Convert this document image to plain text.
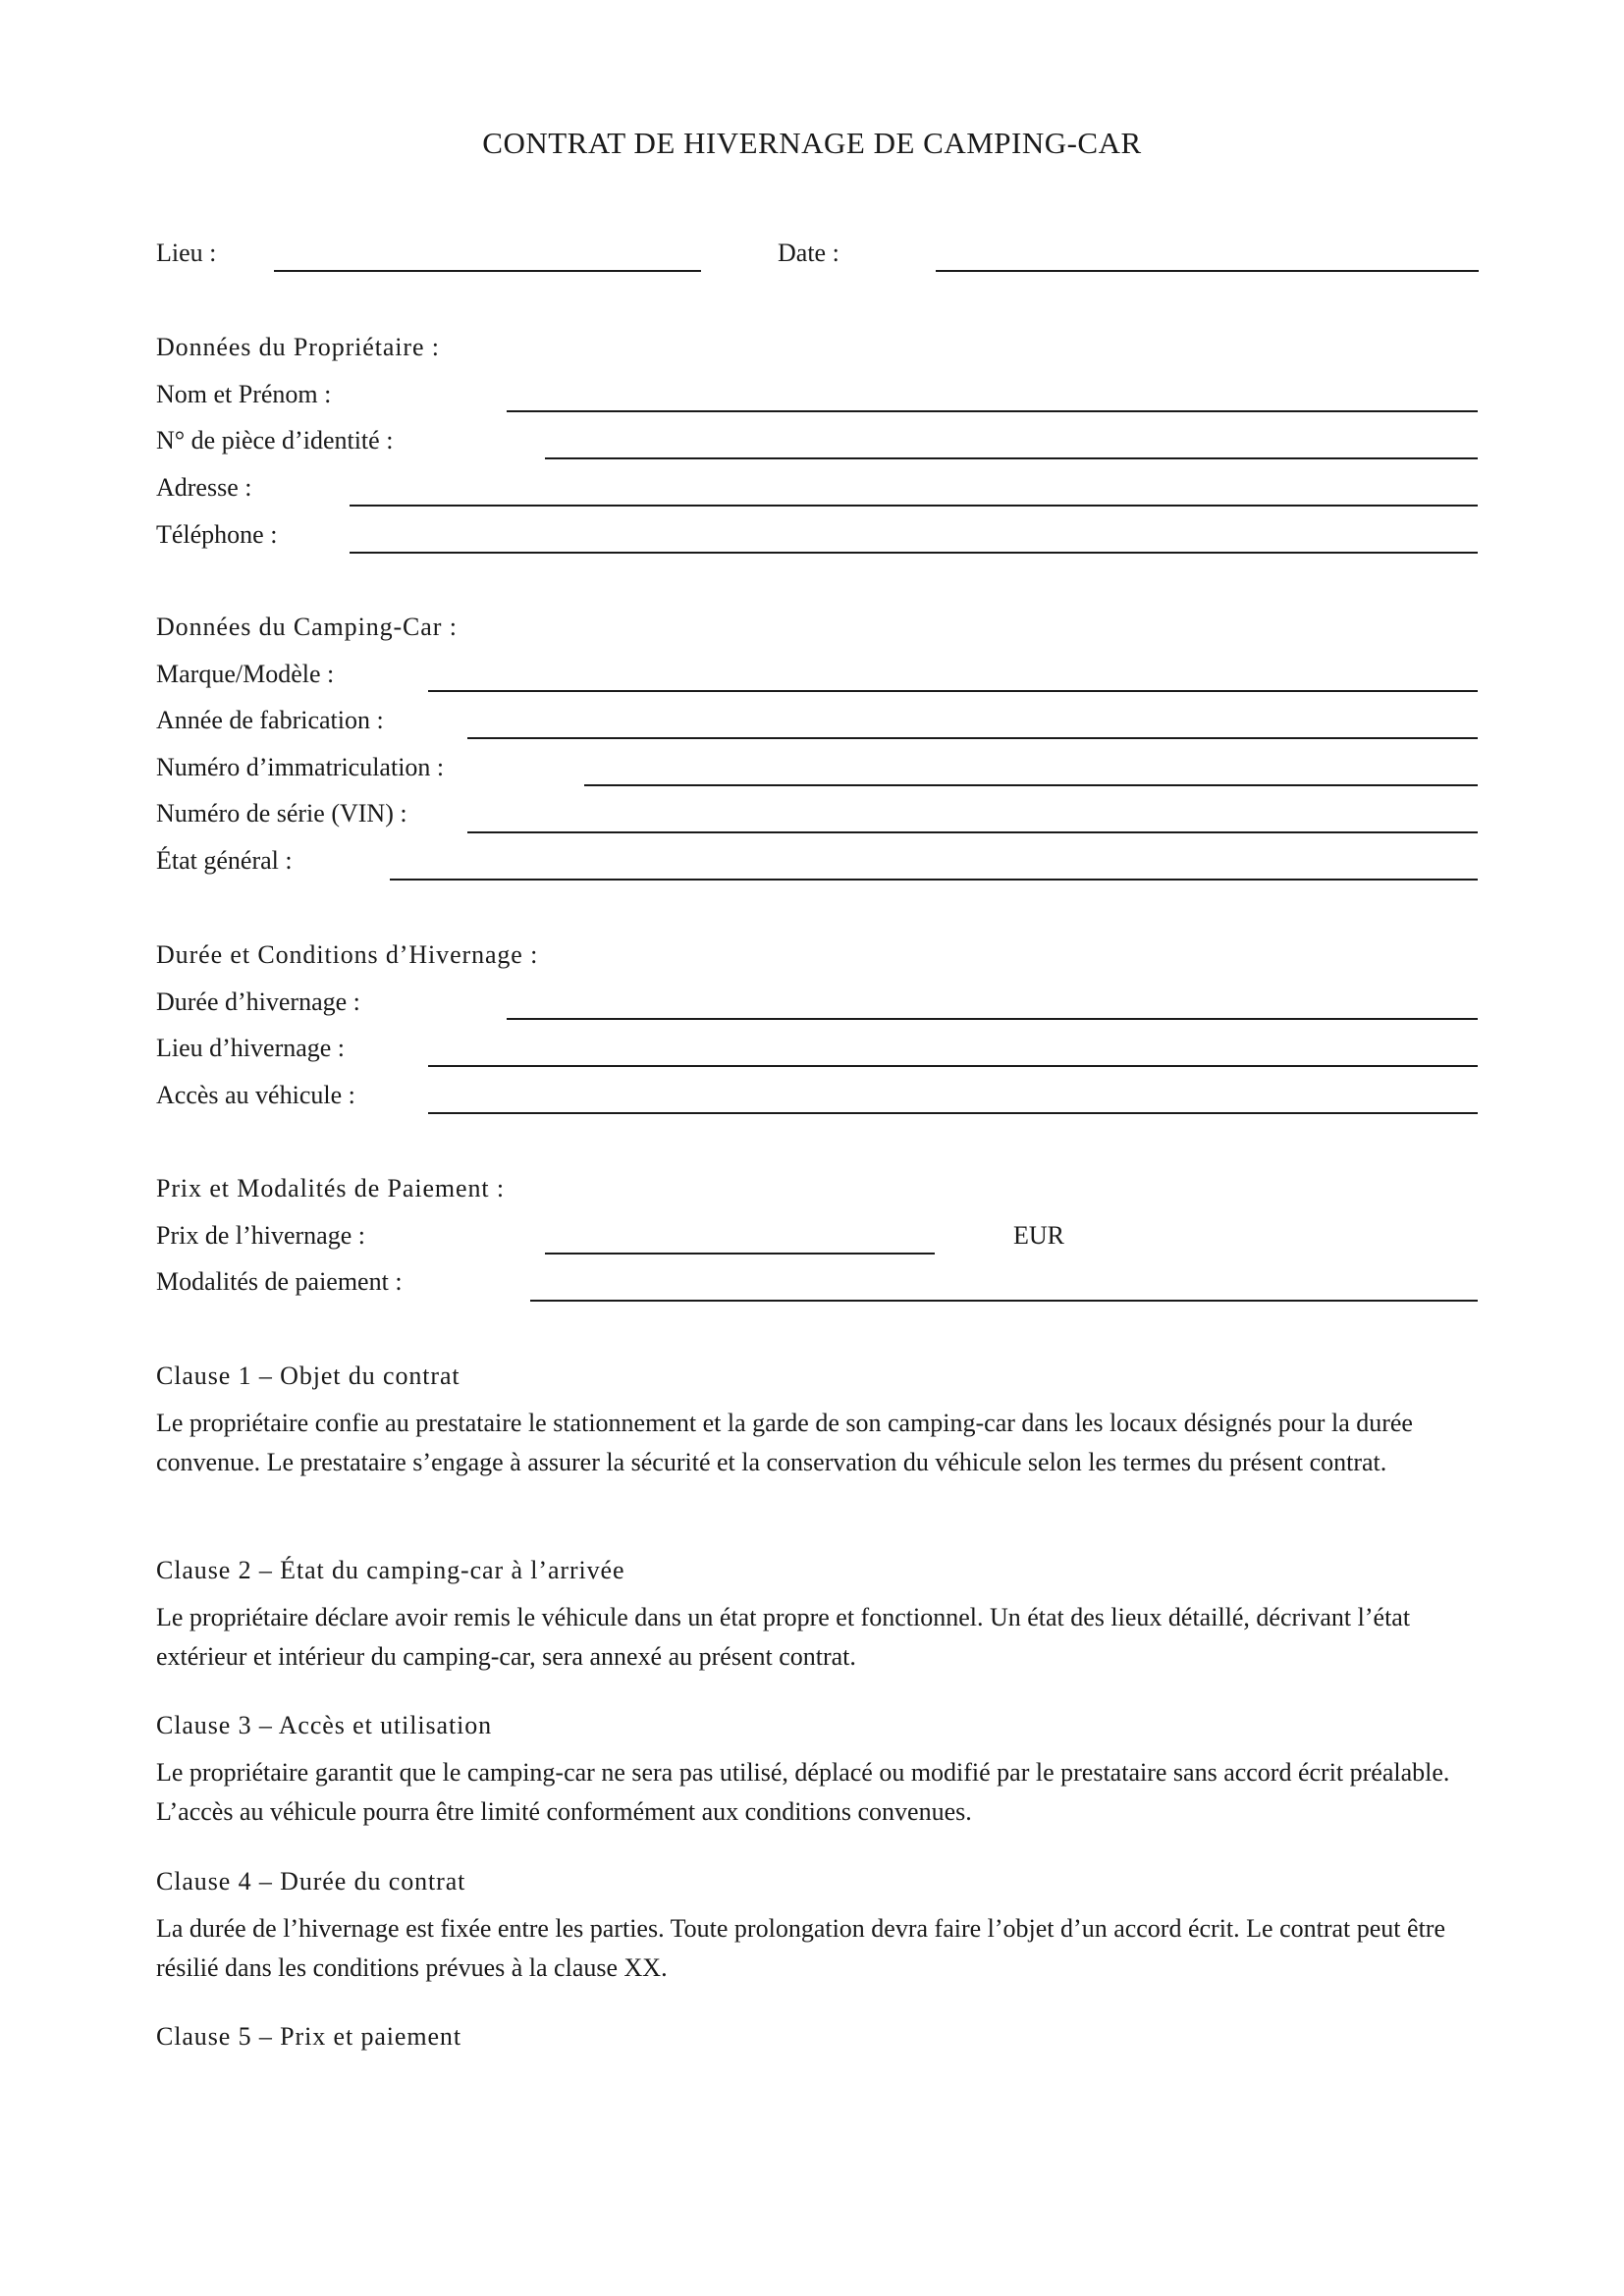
CONTRAT DE HIVERNAGE DE CAMPING-CAR
Lieu :	Date :
Données du Propriétaire :
Nom et Prénom :
N° de pièce d’identité :
Adresse :
Téléphone :
Données du Camping-Car :
Marque/Modèle :
Année de fabrication :
Numéro d’immatriculation :
Numéro de série (VIN) :
État général :
Durée et Conditions d’Hivernage :
Durée d’hivernage :
Lieu d’hivernage :
Accès au véhicule :
Prix et Modalités de Paiement :
Prix de l’hivernage :	EUR
Modalités de paiement :
Clause 1 – Objet du contrat
Le propriétaire confie au prestataire le stationnement et la garde de son camping-car dans les locaux désignés pour la durée convenue. Le prestataire s’engage à assurer la sécurité et la conservation du véhicule selon les termes du présent contrat.
Clause 2 – État du camping-car à l’arrivée
Le propriétaire déclare avoir remis le véhicule dans un état propre et fonctionnel. Un état des lieux détaillé, décrivant l’état extérieur et intérieur du camping-car, sera annexé au présent contrat.
Clause 3 – Accès et utilisation
Le propriétaire garantit que le camping-car ne sera pas utilisé, déplacé ou modifié par le prestataire sans accord écrit préalable. L’accès au véhicule pourra être limité conformément aux conditions convenues.
Clause 4 – Durée du contrat
La durée de l’hivernage est fixée entre les parties. Toute prolongation devra faire l’objet d’un accord écrit. Le contrat peut être résilié dans les conditions prévues à la clause XX.
Clause 5 – Prix et paiement
